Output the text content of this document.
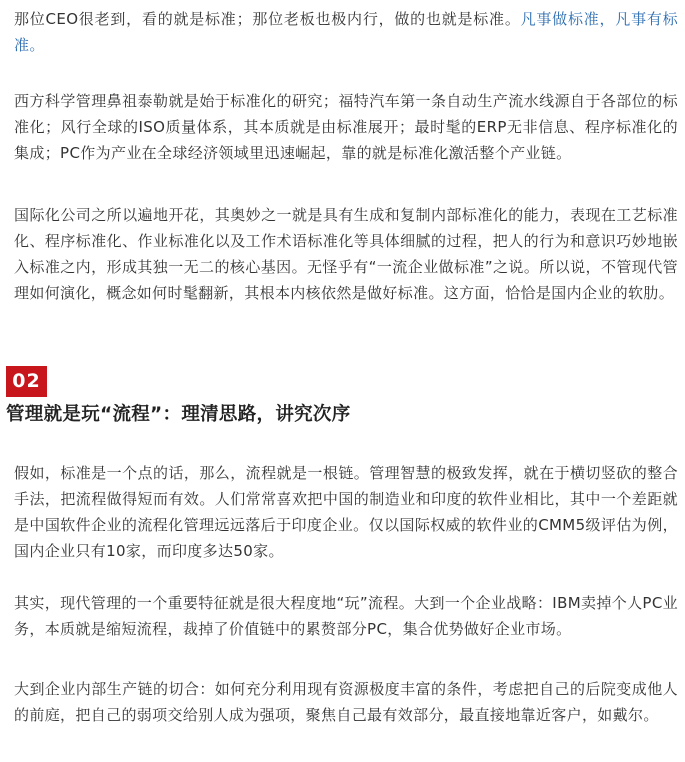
那位CEO很老到，看的就是标准；那位老板也极内行，做的也就是标准。凡事做标准，凡事有标准。

西方科学管理鼻祖泰勒就是始于标准化的研究；福特汽车第一条自动生产流水线源自于各部位的标准化；风行全球的ISO质量体系，其本质就是由标准展开；最时髦的ERP无非信息、程序标准化的集成；PC作为产业在全球经济领域里迅速崛起，靠的就是标准化激活整个产业链。

国际化公司之所以遍地开花，其奥妙之一就是具有生成和复制内部标准化的能力，表现在工艺标准化、程序标准化、作业标准化以及工作术语标准化等具体细腻的过程，把人的行为和意识巧妙地嵌入标准之内，形成其独一无二的核心基因。无怪乎有“一流企业做标准”之说。所以说，不管现代管理如何演化，概念如何时髦翻新，其根本内核依然是做好标准。这方面，恰恰是国内企业的软肋。

02
管理就是玩“流程”：理清思路，讲究次序

假如，标准是一个点的话，那么，流程就是一根链。管理智慧的极致发挥，就在于横切竖砍的整合手法，把流程做得短而有效。人们常常喜欢把中国的制造业和印度的软件业相比，其中一个差距就是中国软件企业的流程化管理远远落后于印度企业。仅以国际权威的软件业的CMM5级评估为例，国内企业只有10家，而印度多达50家。

其实，现代管理的一个重要特征就是很大程度地“玩”流程。大到一个企业战略：IBM卖掉个人PC业务，本质就是缩短流程，裁掉了价值链中的累赘部分PC，集合优势做好企业市场。

大到企业内部生产链的切合：如何充分利用现有资源极度丰富的条件，考虑把自己的后院变成他人的前庭，把自己的弱项交给别人成为强项，聚焦自己最有效部分，最直接地靠近客户，如戴尔。
